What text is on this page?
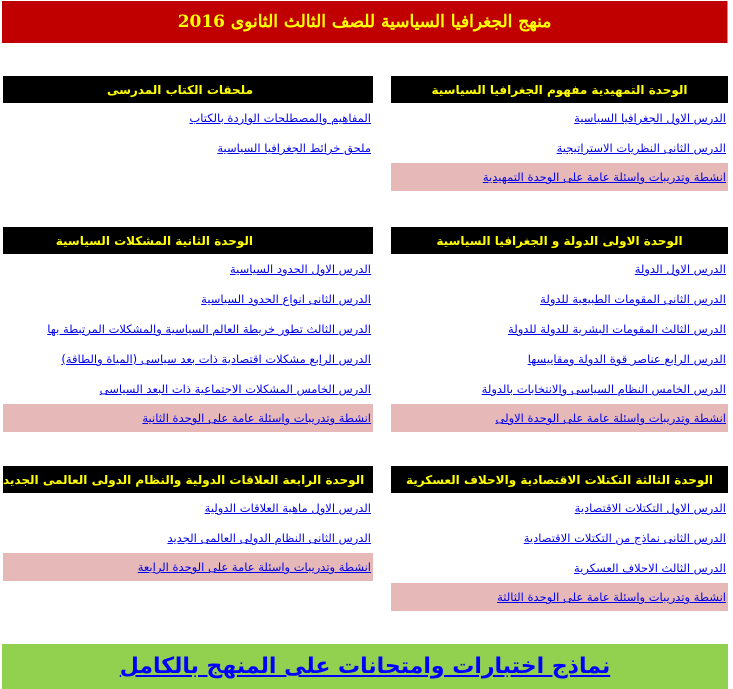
منهج الجغرافيا السياسية للصف الثالث الثانوى 2016
الوحدة التمهيدية مفهوم الجغرافيا السياسية
الدرس الاول الجغرافيا السياسية
الدرس الثانى النظريات الاستراتيجية
انشطة وتدريبات واسئلة عامة على الوحدة التمهيدية
ملحقات الكتاب المدرسى
المفاهيم والمصطلحات الواردة بالكتاب
ملحق خرائط الجغرافيا السياسية
الوحدة الاولى الدولة و الجغرافيا السياسية
الدرس الاول الدولة
الدرس الثانى المقومات الطبيعية للدولة
الدرس الثالث المقومات البشرية للدولة للدولة
الدرس الرابع عناصر قوة الدولة ومقاييسها
الدرس الخامس النظام السياسى والانتخابات بالدولة
انشطة وتدريبات واسئلة عامة على الوحدة الاولى
الوحدة الثانية المشكلات السياسية
الدرس الاول الحدود السياسية
الدرس الثانى انواع الحدود السياسية
الدرس الثالث تطور خريطة العالم السياسية والمشكلات المرتبطة بها
الدرس الرابع مشكلات اقتصادية ذات بعد سياسى (المياة والطاقة)
الدرس الخامس المشكلات الاجتماعية ذات البعد السياسى
انشطة وتدريبات واسئلة عامة على الوحدة الثانية
الوحدة الثالثة التكتلات الاقتصادية والاحلاف العسكرية
الدرس الاول التكتلات الاقتصادية
الدرس الثانى نماذج من التكتلات الاقتصادية
الدرس الثالث الاحلاف العسكرية
انشطة وتدريبات واسئلة عامة على الوحدة الثالثة
الوحدة الرابعة العلاقات الدولية والنظام الدولى العالمى الجديد
الدرس الاول ماهية العلاقات الدولية
الدرس الثانى النظام الدولى العالمى الجديد
انشطة وتدريبات واسئلة عامة على الوحدة الرابعة
نماذج اختبارات وامتحانات على المنهج بالكامل
